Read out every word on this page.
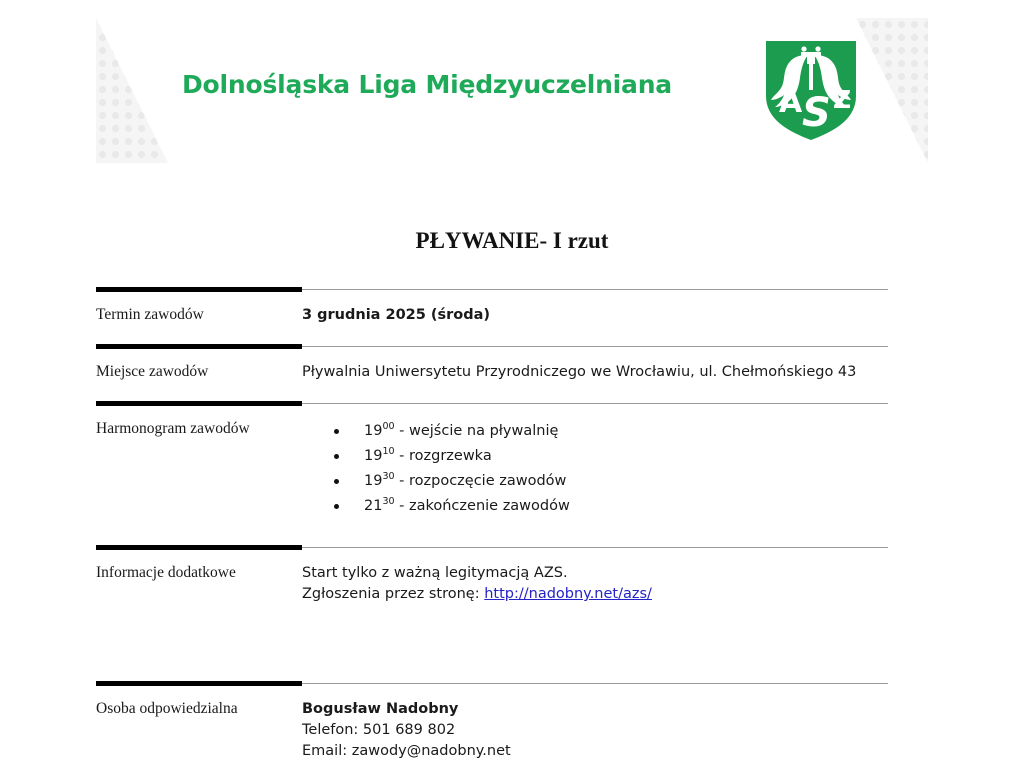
Dolnośląska Liga Międzyuczelniana
A Z
S
PŁYWANIE- I rzut
Termin zawodów	3 grudnia 2025 (środa)
Miejsce zawodów	Pływalnia Uniwersytetu Przyrodniczego we Wrocławiu, ul. Chełmońskiego 43
Harmonogram zawodów	$19^{00}$ - wejście na pływalnię
$19^{10}$ - rozgrzewka
$19^{30}$ - rozpoczęcie zawodów
$21^{30}$ - zakończenie zawodów
Informacje dodatkowe	Start tylko z ważną legitymacją AZS.
Zgłoszenia przez stronę: http://nadobny.net/azs/
Osoba odpowiedzialna	Bogusław Nadobny
Telefon: 501 689 802
Email: zawody@nadobny.net
